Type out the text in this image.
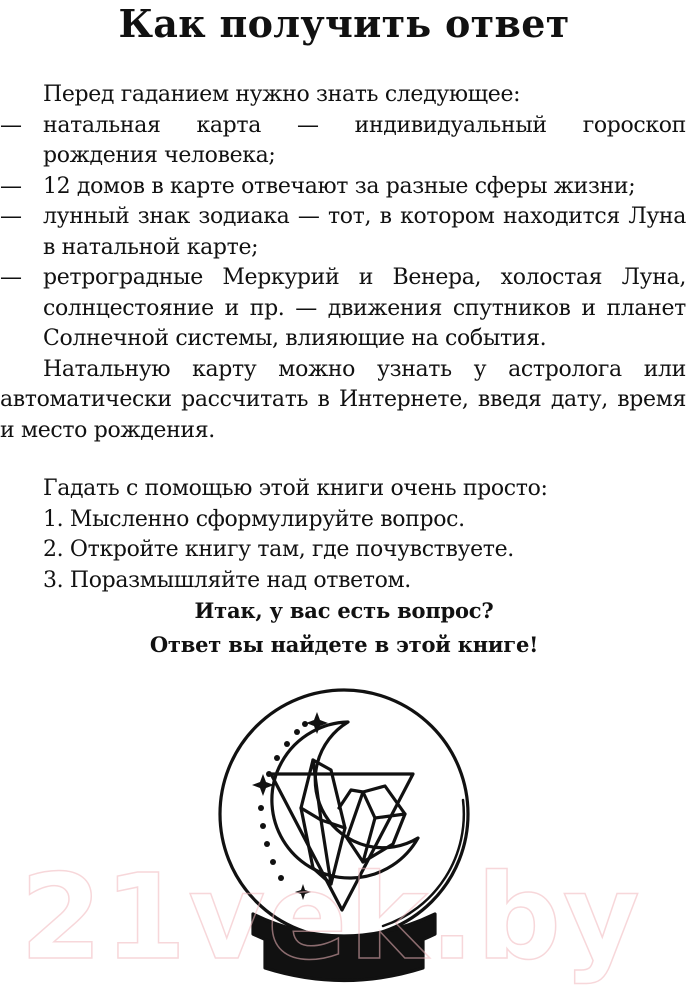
Как получить ответ

Перед гаданием нужно знать следующее:

— натальная карта — индивидуальный гороскоп рождения человека;
— 12 домов в карте отвечают за разные сферы жизни;
— лунный знак зодиака — тот, в котором находится Луна в натальной карте;
— ретроградные Меркурий и Венера, холостая Луна, солнцестояние и пр. — движения спутников и планет Солнечной системы, влияющие на события.

Натальную карту можно узнать у астролога или автоматически рассчитать в Интернете, введя дату, время и место рождения.

Гадать с помощью этой книги очень просто:

1. Мысленно сформулируйте вопрос.

2. Откройте книгу там, где почувствуете.

3. Поразмышляйте над ответом.

Итак, у вас есть вопрос?
Ответ вы найдете в этой книге!
21vek.by
